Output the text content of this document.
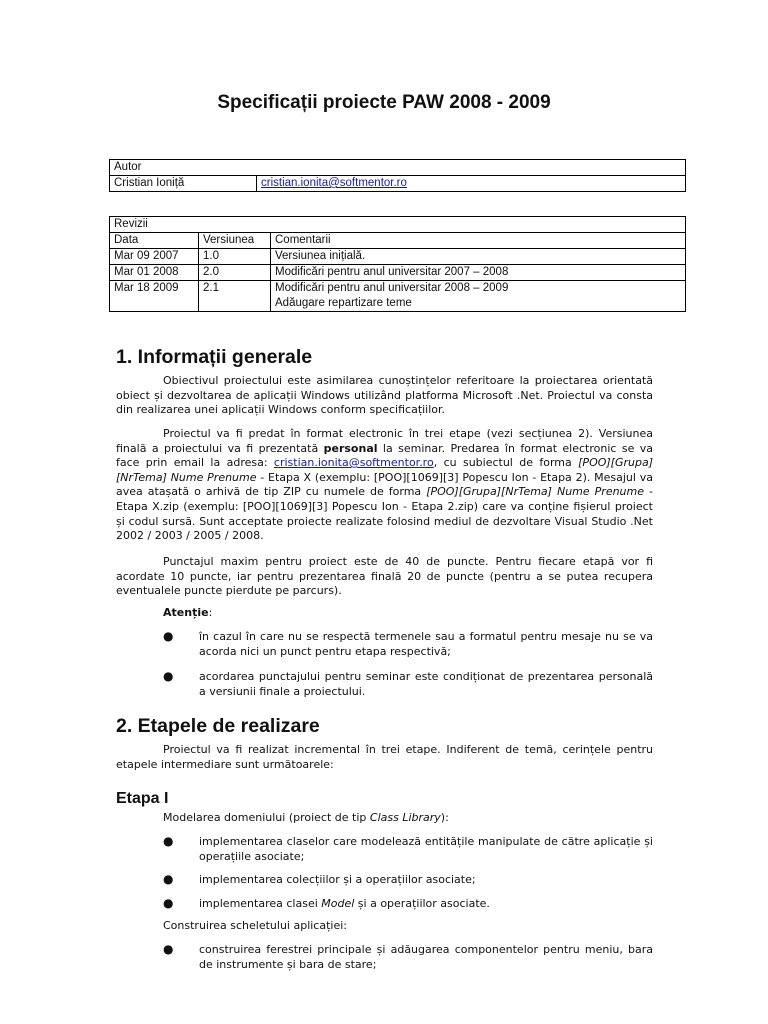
Specificații proiecte PAW 2008 - 2009
Autor
Cristian Ioniță	cristian.ionita@softmentor.ro
Revizii		
Data	Versiunea	Comentarii
Mar 09 2007	1.0	Versiunea inițială.
Mar 01 2008	2.0	Modificări pentru anul universitar 2007 – 2008
Mar 18 2009	2.1	Modificări pentru anul universitar 2008 – 2009
Adăugare repartizare teme
1. Informații generale

Obiectivul proiectului este asimilarea cunoștințelor referitoare la proiectarea orientată obiect și dezvoltarea de aplicații Windows utilizând platforma Microsoft .Net. Proiectul va consta din realizarea unei aplicații Windows conform specificațiilor.

Proiectul va fi predat în format electronic în trei etape (vezi secțiunea 2). Versiunea finală a proiectului va fi prezentată personal la seminar. Predarea în format electronic se va face prin email la adresa: cristian.ionita@softmentor.ro, cu subiectul de forma [POO][Grupa][NrTema] Nume Prenume - Etapa X (exemplu: [POO][1069][3] Popescu Ion - Etapa 2). Mesajul va avea atașată o arhivă de tip ZIP cu numele de forma [POO][Grupa][NrTema] Nume Prenume - Etapa X.zip (exemplu: [POO][1069][3] Popescu Ion - Etapa 2.zip) care va conține fișierul proiect și codul sursă. Sunt acceptate proiecte realizate folosind mediul de dezvoltare Visual Studio .Net 2002 / 2003 / 2005 / 2008.

Punctajul maxim pentru proiect este de 40 de puncte. Pentru fiecare etapă vor fi acordate 10 puncte, iar pentru prezentarea finală 20 de puncte (pentru a se putea recupera eventualele puncte pierdute pe parcurs).

Atenție:

● în cazul în care nu se respectă termenele sau a formatul pentru mesaje nu se va acorda nici un punct pentru etapa respectivă;

● acordarea punctajului pentru seminar este condiționat de prezentarea personală a versiunii finale a proiectului.

2. Etapele de realizare

Proiectul va fi realizat incremental în trei etape. Indiferent de temă, cerințele pentru etapele intermediare sunt următoarele:

Etapa I

Modelarea domeniului (proiect de tip Class Library):

● implementarea claselor care modelează entitățile manipulate de către aplicație și operațiile asociate;

● implementarea colecțiilor și a operațiilor asociate;

● implementarea clasei Model și a operațiilor asociate.

Construirea scheletului aplicației:

● construirea ferestrei principale și adăugarea componentelor pentru meniu, bara de instrumente și bara de stare;
